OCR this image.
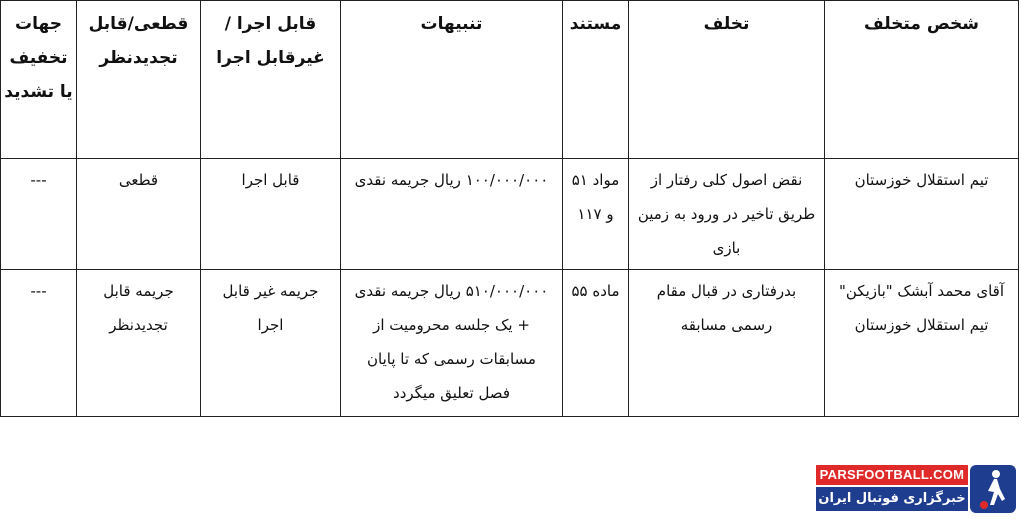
شخص متخلف	تخلف	مستند	تنبیهات	قابل اجرا /غیرقابل اجرا	قطعی/قابل تجدیدنظر	جهات تخفیف یا تشدید
تیم استقلال خوزستان	نقض اصول کلی رفتار از طریق تاخیر در ورود به زمین بازی	مواد ۵۱ و ۱۱۷	۱۰۰/۰۰۰/۰۰۰ ریال جریمه نقدی	قابل اجرا	قطعی	---
آقای محمد آبشک "بازیکن" تیم استقلال خوزستان	بدرفتاری در قبال مقام رسمی مسابقه	ماده ۵۵	۵۱۰/۰۰۰/۰۰۰ ریال جریمه نقدی + یک جلسه محرومیت از مسابقات رسمی که تا پایان فصل تعلیق میگردد	جریمه غیر قابل اجرا	جریمه قابل تجدیدنظر	---
PARSFOOTBALL.COM
خبرگزاری فوتبال ایران
